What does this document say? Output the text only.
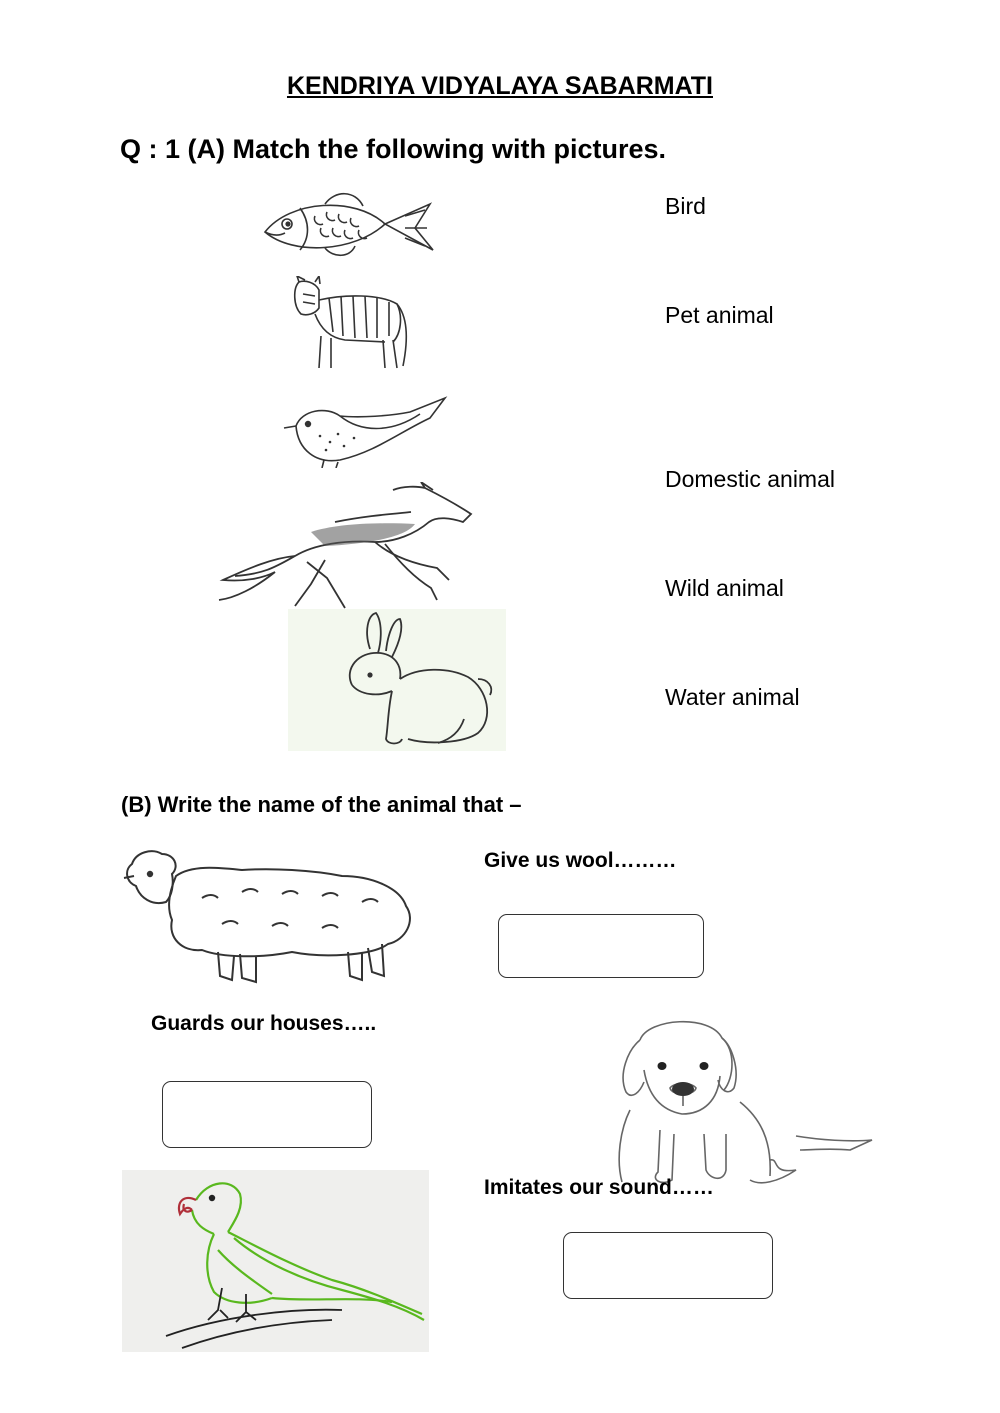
KENDRIYA VIDYALAYA SABARMATI
Q : 1 (A) Match the following with pictures.
Bird
Pet animal
Domestic animal
Wild animal
Water animal
(B) Write the name of the animal that –
Give us wool………
Guards our houses…..
Imitates our sound……
